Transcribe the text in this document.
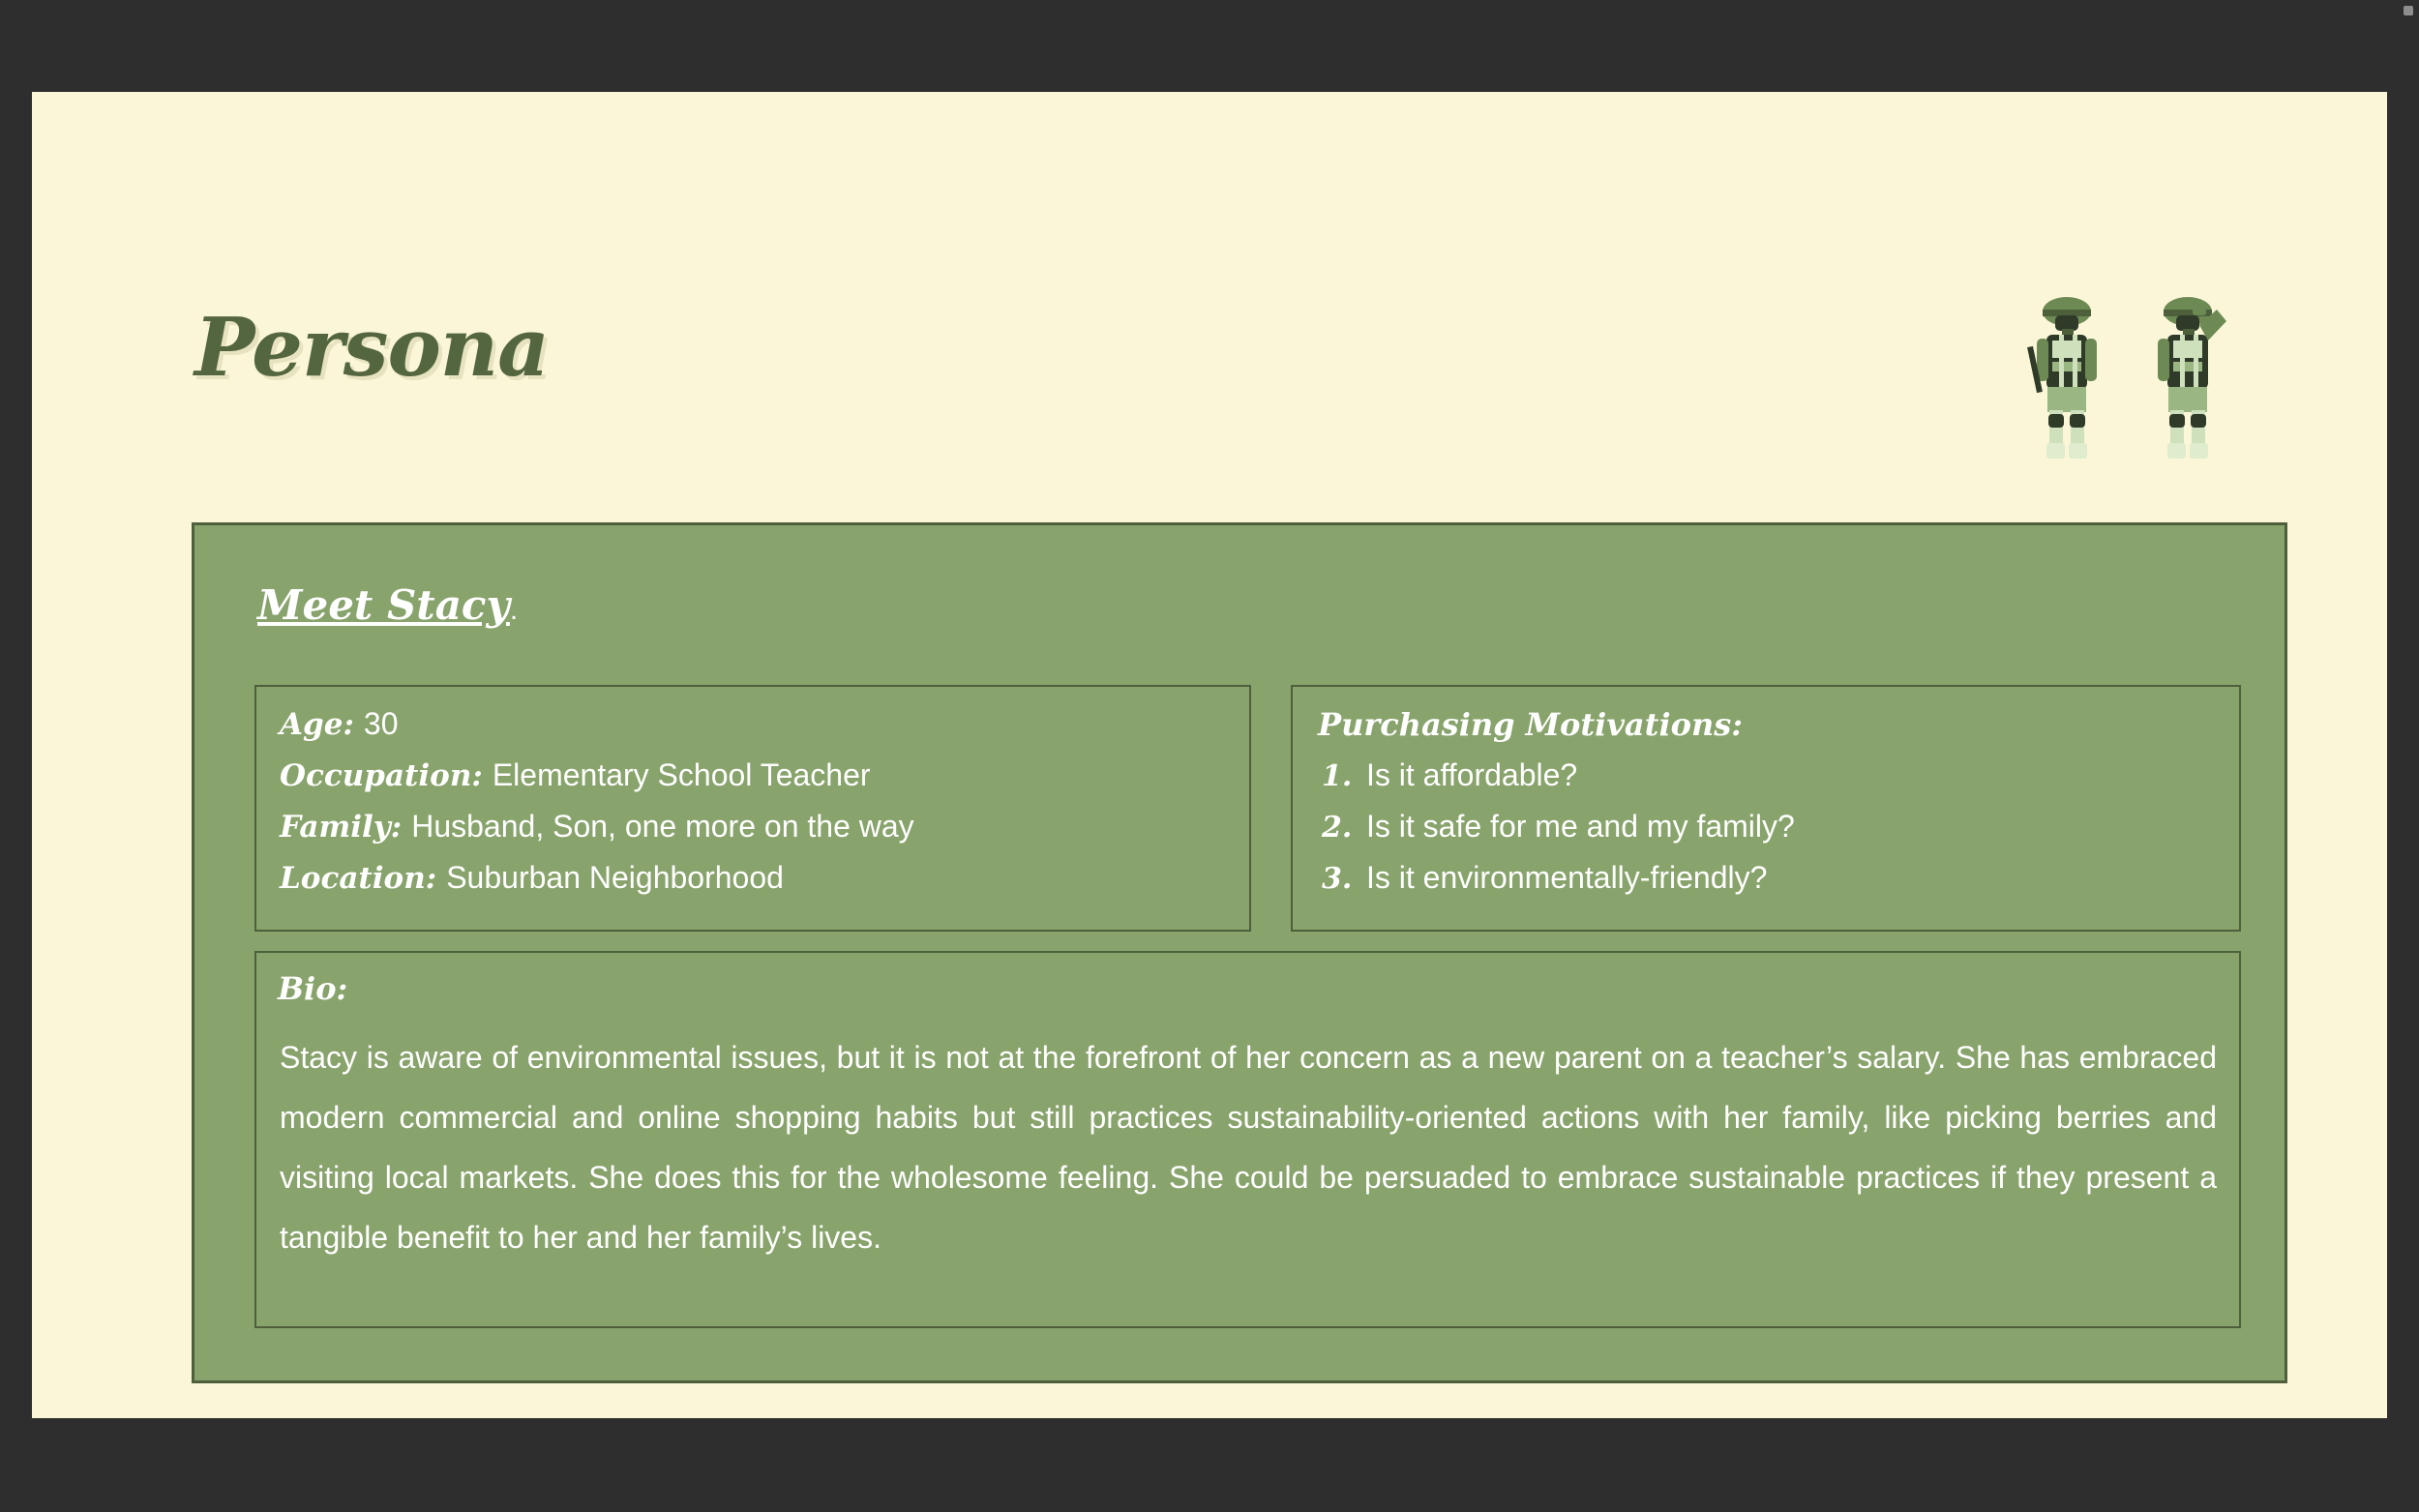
Persona
Meet Stacy.
Age: 30
Occupation: Elementary School Teacher
Family: Husband, Son, one more on the way
Location: Suburban Neighborhood
Purchasing Motivations:
1. Is it affordable?
2. Is it safe for me and my family?
3. Is it environmentally-friendly?
Bio:
Stacy is aware of environmental issues, but it is not at the forefront of her concern as a new parent on a teacher’s salary. She has embraced modern commercial and online shopping habits but still practices sustainability-oriented actions with her family, like picking berries and visiting local markets. She does this for the wholesome feeling. She could be persuaded to embrace sustainable practices if they present a tangible benefit to her and her family’s lives.
